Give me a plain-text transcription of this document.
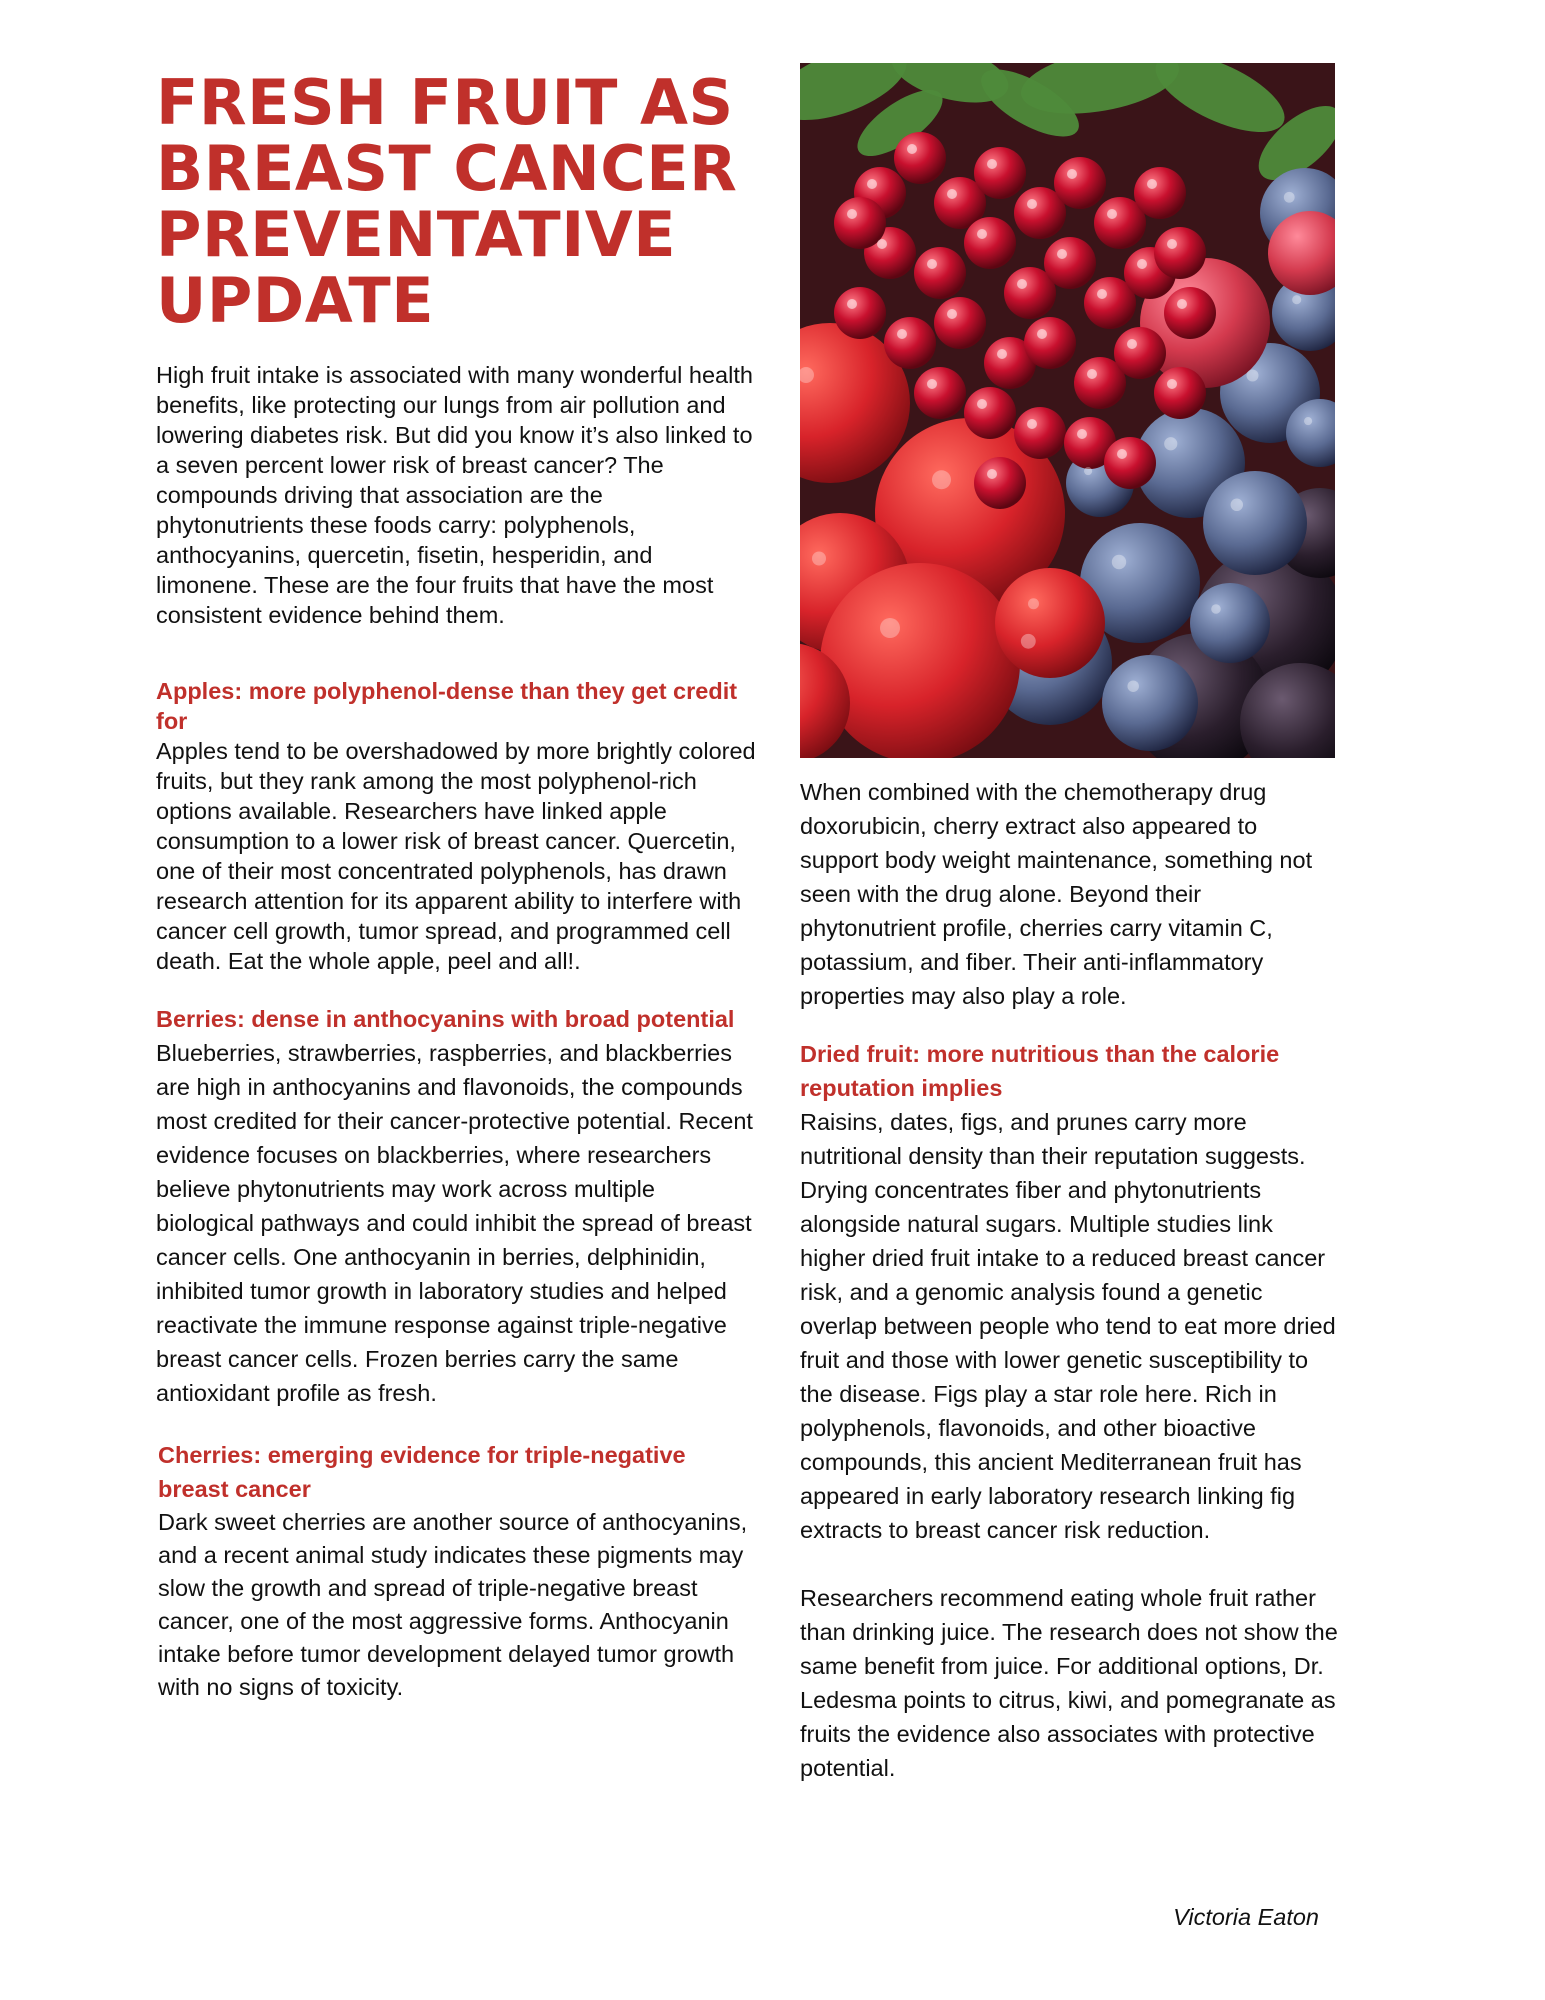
FRESH FRUIT AS BREAST CANCER PREVENTATIVE UPDATE

High fruit intake is associated with many wonderful health benefits, like protecting our lungs from air pollution and lowering diabetes risk. But did you know it’s also linked to a seven percent lower risk of breast cancer? The compounds driving that association are the phytonutrients these foods carry: polyphenols, anthocyanins, quercetin, fisetin, hesperidin, and limonene. These are the four fruits that have the most consistent evidence behind them.

Apples: more polyphenol-dense than they get credit for

Apples tend to be overshadowed by more brightly colored fruits, but they rank among the most polyphenol-rich options available. Researchers have linked apple consumption to a lower risk of breast cancer. Quercetin, one of their most concentrated polyphenols, has drawn research attention for its apparent ability to interfere with cancer cell growth, tumor spread, and programmed cell death. Eat the whole apple, peel and all!.

Berries: dense in anthocyanins with broad potential

Blueberries, strawberries, raspberries, and blackberries are high in anthocyanins and flavonoids, the compounds most credited for their cancer-protective potential. Recent evidence focuses on blackberries, where researchers believe phytonutrients may work across multiple biological pathways and could inhibit the spread of breast cancer cells. One anthocyanin in berries, delphinidin, inhibited tumor growth in laboratory studies and helped reactivate the immune response against triple-negative breast cancer cells. Frozen berries carry the same antioxidant profile as fresh.

Cherries: emerging evidence for triple-negative breast cancer

Dark sweet cherries are another source of anthocyanins, and a recent animal study indicates these pigments may slow the growth and spread of triple-negative breast cancer, one of the most aggressive forms. Anthocyanin intake before tumor development delayed tumor growth with no signs of toxicity.

When combined with the chemotherapy drug doxorubicin, cherry extract also appeared to support body weight maintenance, something not seen with the drug alone. Beyond their phytonutrient profile, cherries carry vitamin C, potassium, and fiber. Their anti-inflammatory properties may also play a role.

Dried fruit: more nutritious than the calorie reputation implies

Raisins, dates, figs, and prunes carry more nutritional density than their reputation suggests. Drying concentrates fiber and phytonutrients alongside natural sugars. Multiple studies link higher dried fruit intake to a reduced breast cancer risk, and a genomic analysis found a genetic overlap between people who tend to eat more dried fruit and those with lower genetic susceptibility to the disease. Figs play a star role here. Rich in polyphenols, flavonoids, and other bioactive compounds, this ancient Mediterranean fruit has appeared in early laboratory research linking fig extracts to breast cancer risk reduction.

Researchers recommend eating whole fruit rather than drinking juice. The research does not show the same benefit from juice. For additional options, Dr. Ledesma points to citrus, kiwi, and pomegranate as fruits the evidence also associates with protective potential.

Victoria Eaton
